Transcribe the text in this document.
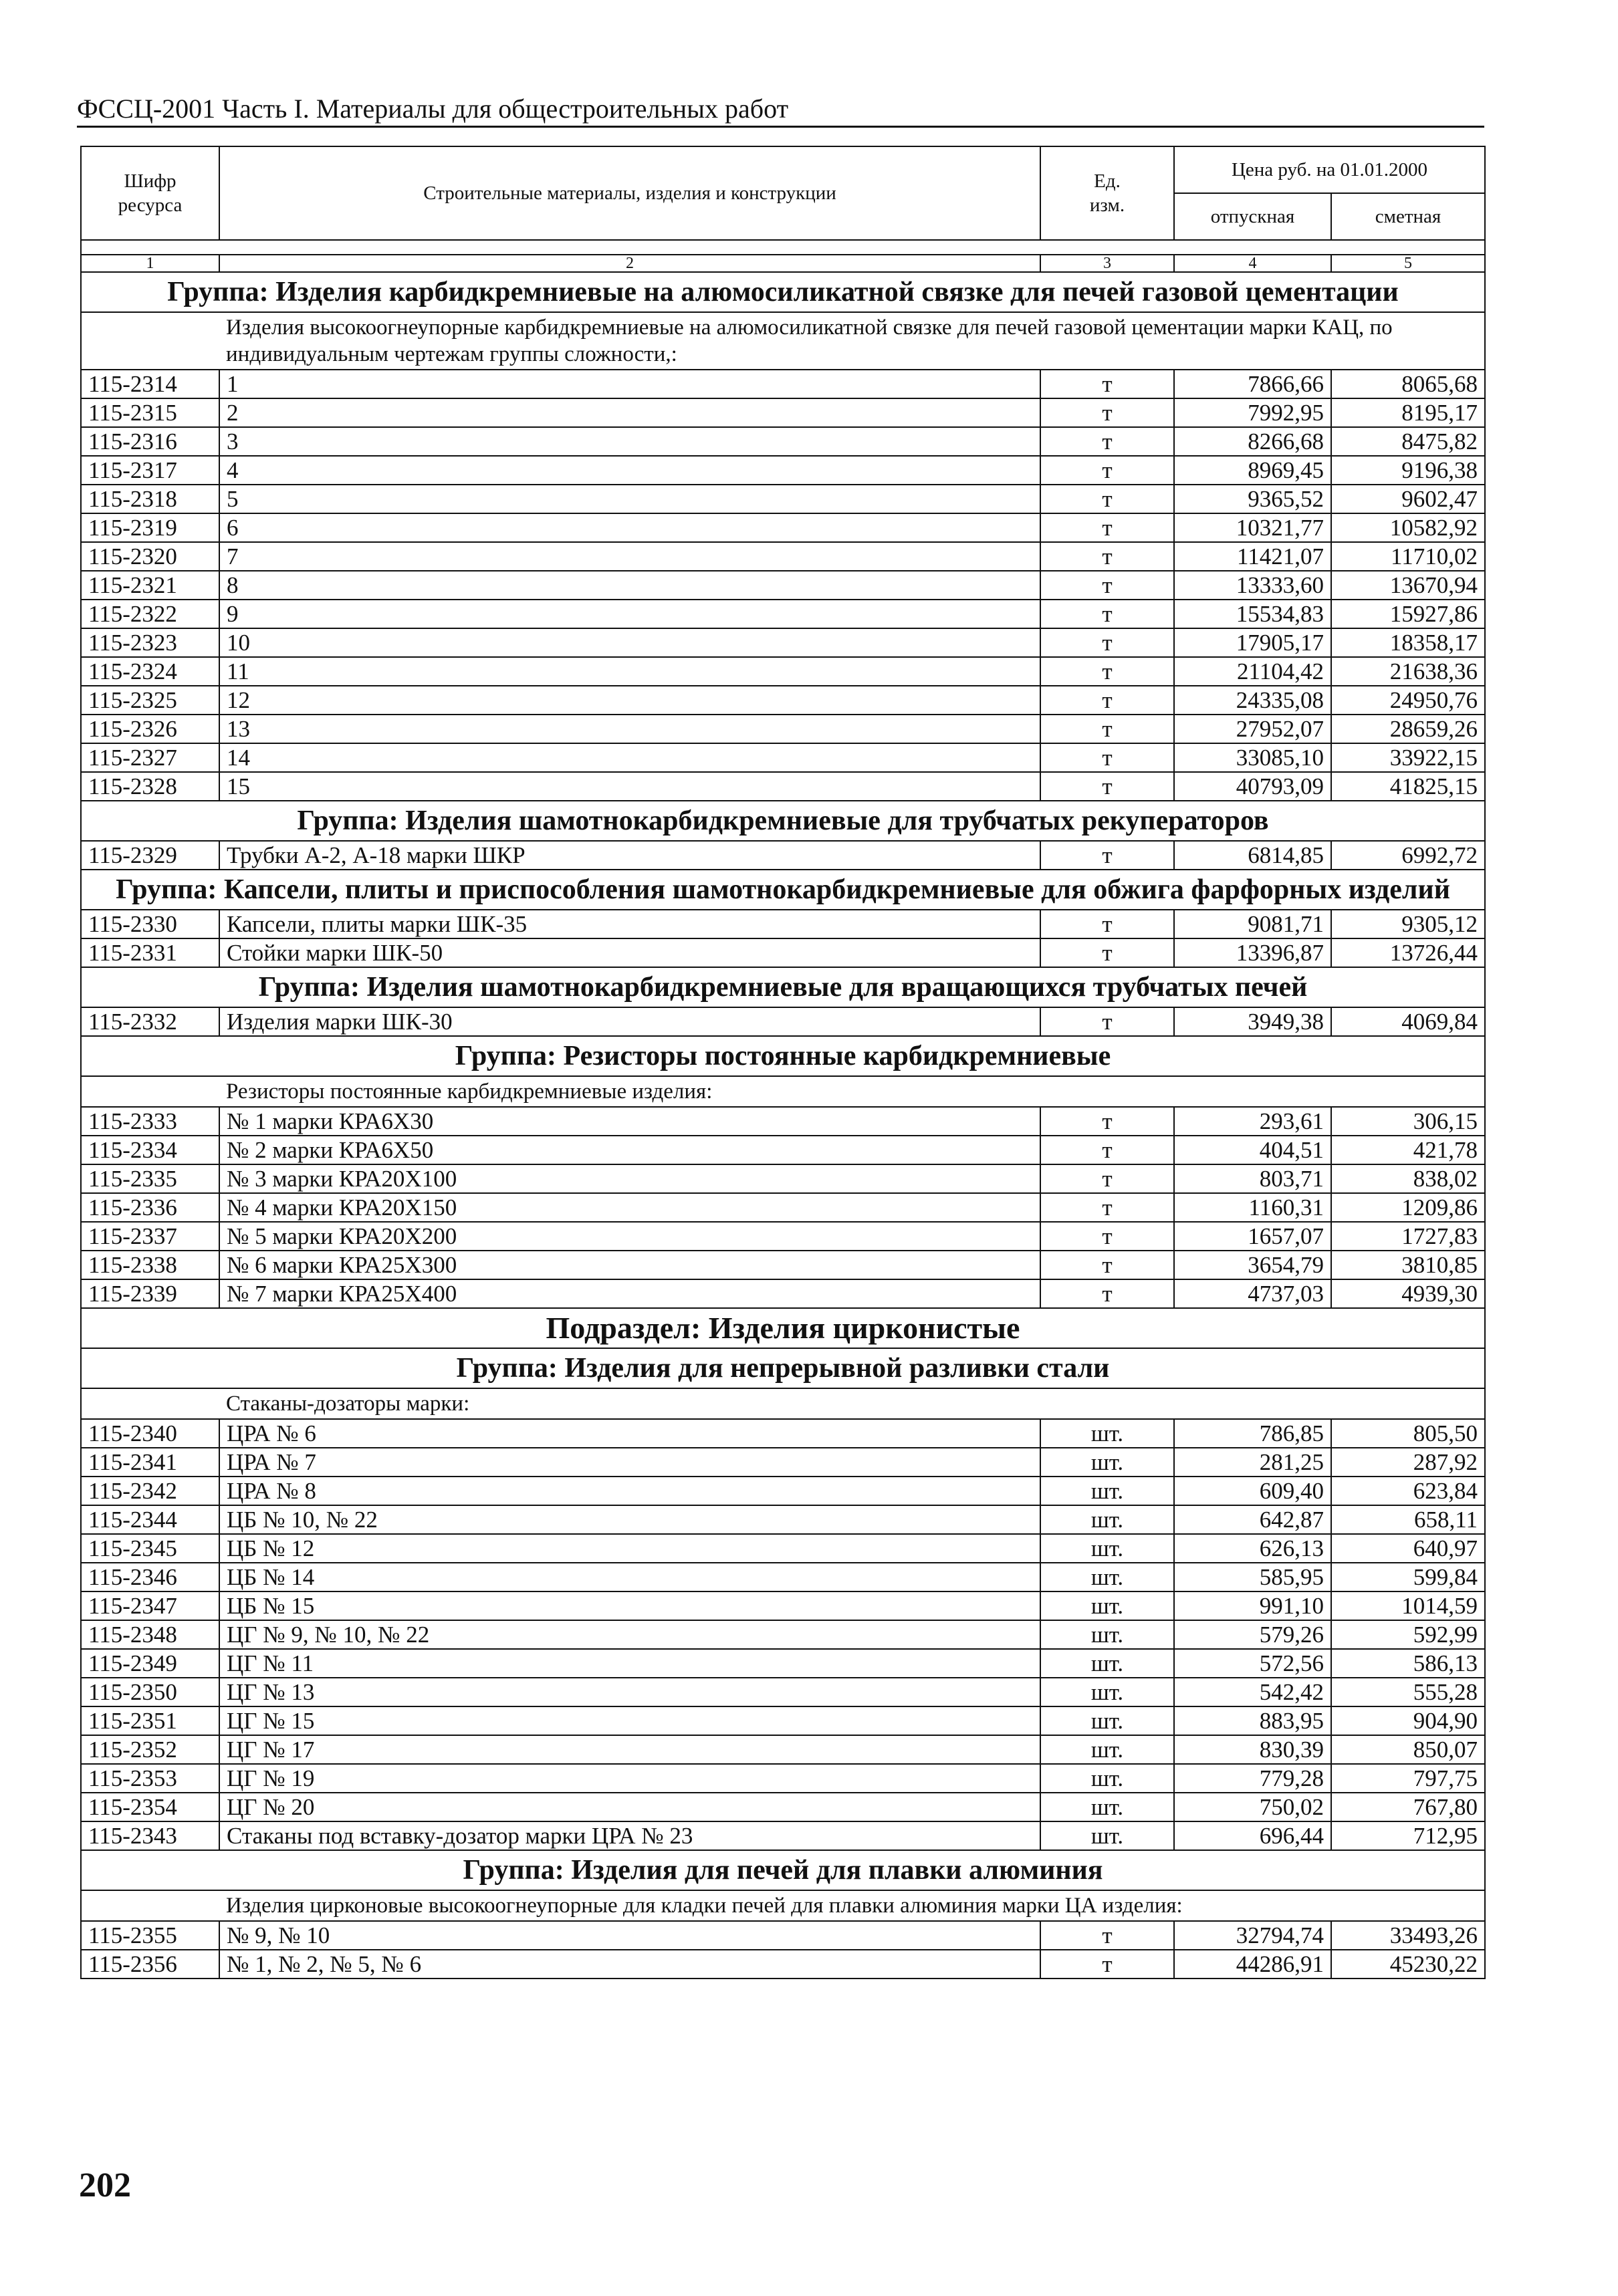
ФССЦ-2001 Часть I. Материалы для общестроительных работ
Шифр ресурса	Строительные материалы, изделия и конструкции	Ед. изм.	Цена руб. на 01.01.2000	
			отпускная	сметная

1	2	3	4	5
Группа: Изделия карбидкремниевые на алюмосиликатной связке для печей газовой цементации				
	Изделия высокоогнеупорные карбидкремниевые на алюмосиликатной связке для печей газовой цементации марки КАЦ, по индивидуальным чертежам группы сложности,:			
115-2314	1	т	7866,66	8065,68
115-2315	2	т	7992,95	8195,17
115-2316	3	т	8266,68	8475,82
115-2317	4	т	8969,45	9196,38
115-2318	5	т	9365,52	9602,47
115-2319	6	т	10321,77	10582,92
115-2320	7	т	11421,07	11710,02
115-2321	8	т	13333,60	13670,94
115-2322	9	т	15534,83	15927,86
115-2323	10	т	17905,17	18358,17
115-2324	11	т	21104,42	21638,36
115-2325	12	т	24335,08	24950,76
115-2326	13	т	27952,07	28659,26
115-2327	14	т	33085,10	33922,15
115-2328	15	т	40793,09	41825,15
Группа: Изделия шамотнокарбидкремниевые для трубчатых рекуператоров				
115-2329	Трубки А-2, А-18 марки ШКР	т	6814,85	6992,72
Группа: Капсели, плиты и приспособления шамотнокарбидкремниевые для обжига фарфорных изделий				
115-2330	Капсели, плиты марки ШК-35	т	9081,71	9305,12
115-2331	Стойки марки ШК-50	т	13396,87	13726,44
Группа: Изделия шамотнокарбидкремниевые для вращающихся трубчатых печей				
115-2332	Изделия марки ШК-30	т	3949,38	4069,84
Группа: Резисторы постоянные карбидкремниевые				
	Резисторы постоянные карбидкремниевые изделия:			
115-2333	№ 1 марки КРА6Х30	т	293,61	306,15
115-2334	№ 2 марки КРА6Х50	т	404,51	421,78
115-2335	№ 3 марки КРА20Х100	т	803,71	838,02
115-2336	№ 4 марки КРА20Х150	т	1160,31	1209,86
115-2337	№ 5 марки КРА20Х200	т	1657,07	1727,83
115-2338	№ 6 марки КРА25Х300	т	3654,79	3810,85
115-2339	№ 7 марки КРА25Х400	т	4737,03	4939,30
Подраздел: Изделия цирконистые				
Группа: Изделия для непрерывной разливки стали				
	Стаканы-дозаторы марки:			
115-2340	ЦРА № 6	шт.	786,85	805,50
115-2341	ЦРА № 7	шт.	281,25	287,92
115-2342	ЦРА № 8	шт.	609,40	623,84
115-2344	ЦБ № 10, № 22	шт.	642,87	658,11
115-2345	ЦБ № 12	шт.	626,13	640,97
115-2346	ЦБ № 14	шт.	585,95	599,84
115-2347	ЦБ № 15	шт.	991,10	1014,59
115-2348	ЦГ № 9, № 10, № 22	шт.	579,26	592,99
115-2349	ЦГ № 11	шт.	572,56	586,13
115-2350	ЦГ № 13	шт.	542,42	555,28
115-2351	ЦГ № 15	шт.	883,95	904,90
115-2352	ЦГ № 17	шт.	830,39	850,07
115-2353	ЦГ № 19	шт.	779,28	797,75
115-2354	ЦГ № 20	шт.	750,02	767,80
115-2343	Стаканы под вставку-дозатор марки ЦРА № 23	шт.	696,44	712,95
Группа: Изделия для печей для плавки алюминия				
	Изделия цирконовые высокоогнеупорные для кладки печей для плавки алюминия марки ЦА изделия:			
115-2355	№ 9, № 10	т	32794,74	33493,26
115-2356	№ 1, № 2, № 5, № 6	т	44286,91	45230,22
202
